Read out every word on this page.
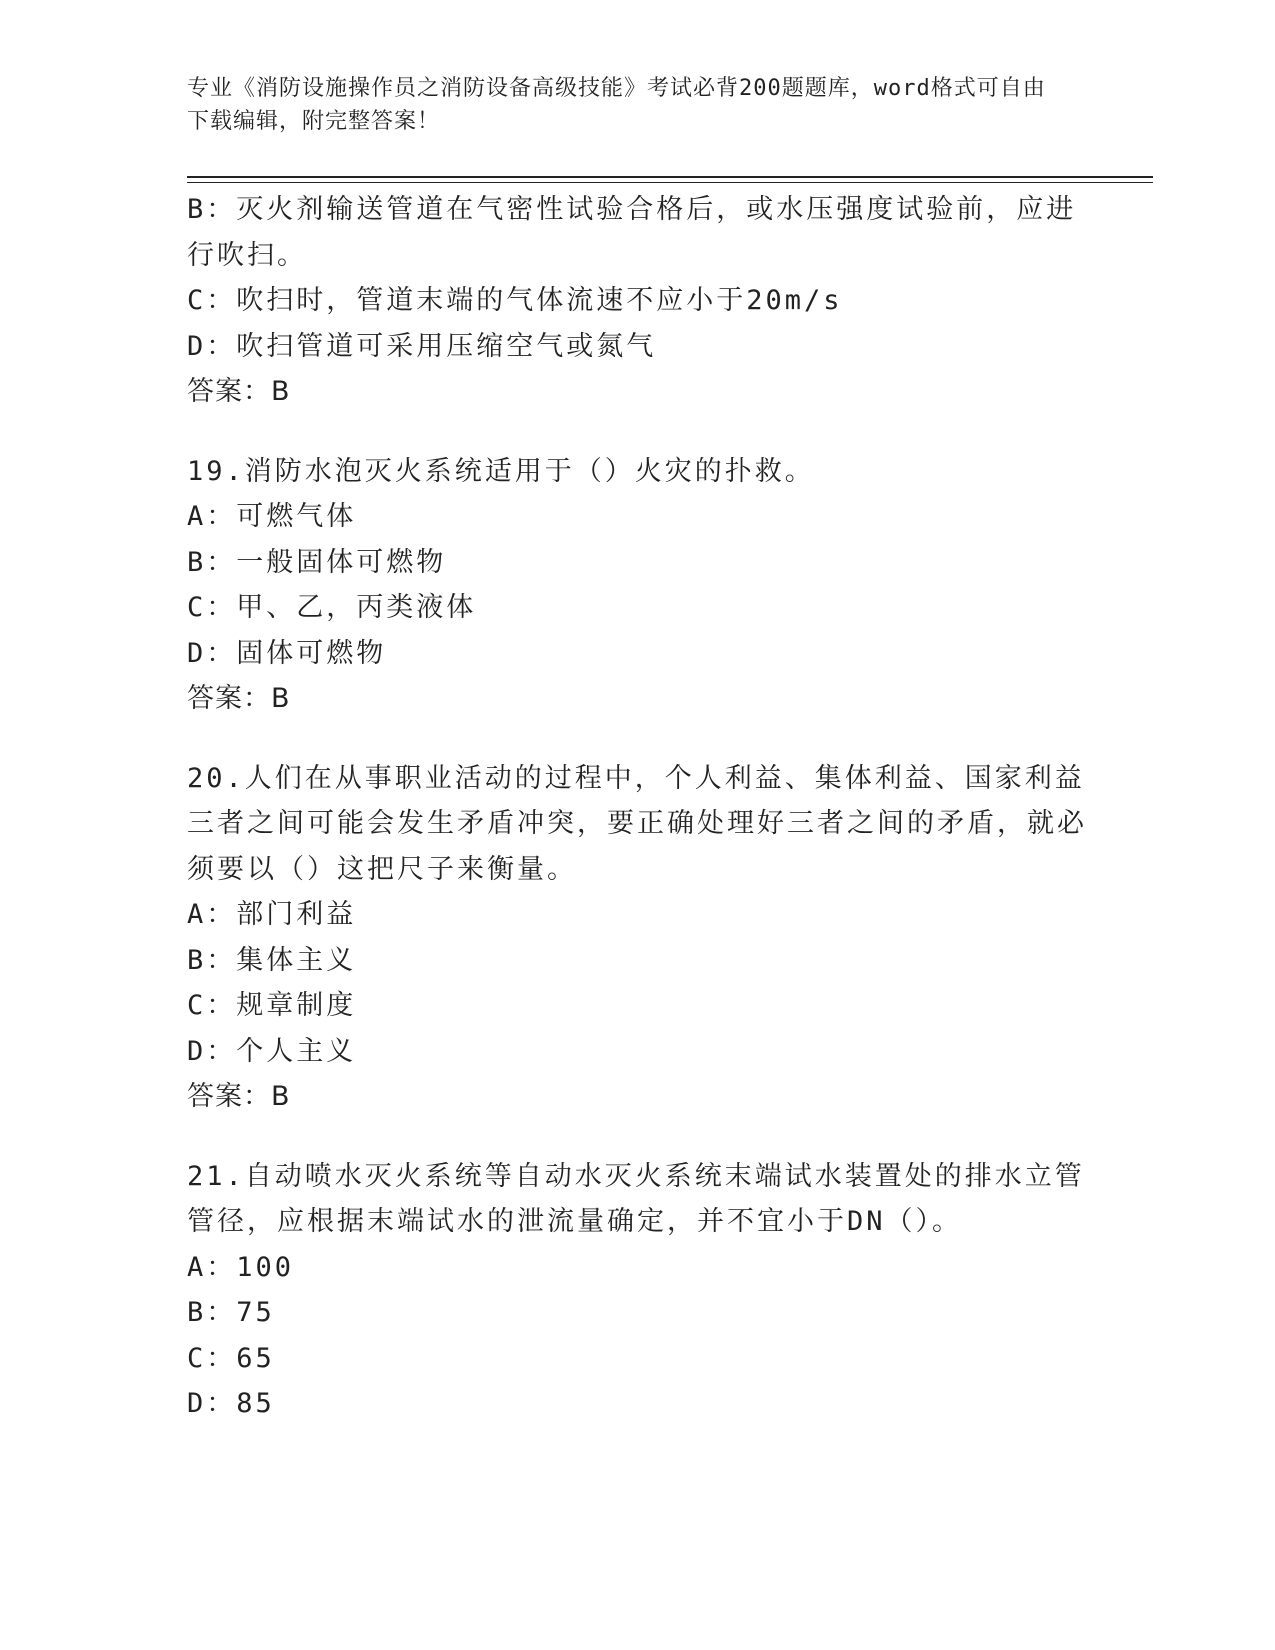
专业《消防设施操作员之消防设备高级技能》考试必背200题题库，word格式可自由下载编辑，附完整答案！

B：灭火剂输送管道在气密性试验合格后，或水压强度试验前，应进行吹扫。

C：吹扫时，管道末端的气体流速不应小于20m/s

D：吹扫管道可采用压缩空气或氮气

答案：B

19.消防水泡灭火系统适用于（）火灾的扑救。

A：可燃气体

B：一般固体可燃物

C：甲、乙，丙类液体

D：固体可燃物

答案：B

20.人们在从事职业活动的过程中，个人利益、集体利益、国家利益三者之间可能会发生矛盾冲突，要正确处理好三者之间的矛盾，就必须要以（）这把尺子来衡量。

A：部门利益

B：集体主义

C：规章制度

D：个人主义

答案：B

21.自动喷水灭火系统等自动水灭火系统末端试水装置处的排水立管管径，应根据末端试水的泄流量确定，并不宜小于DN（）。

A：100

B：75

C：65

D：85
